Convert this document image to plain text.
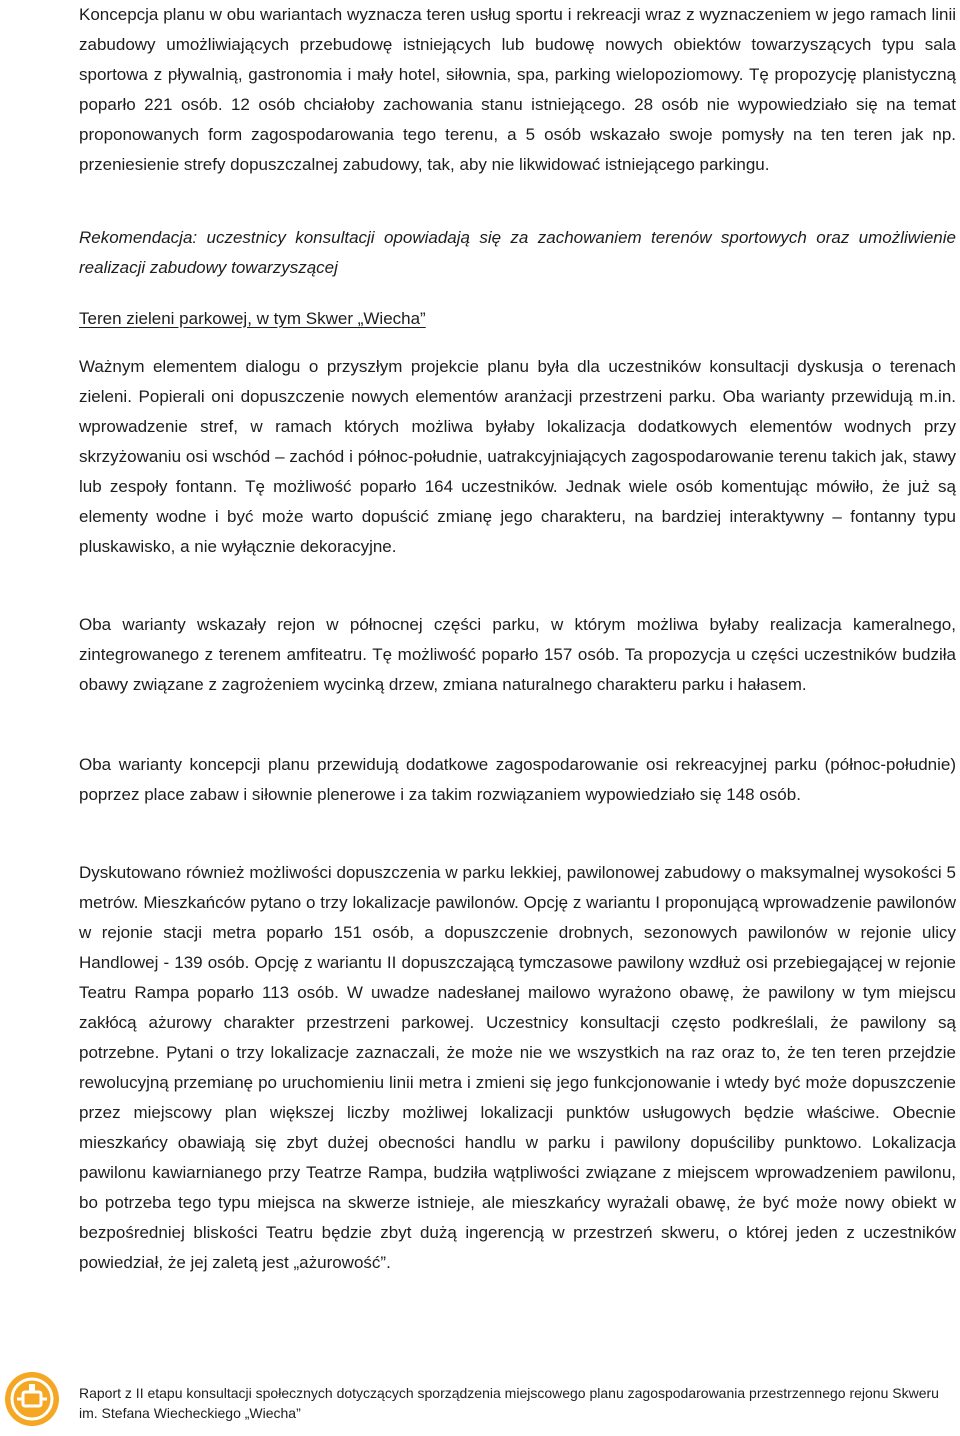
Koncepcja planu w obu wariantach wyznacza teren usług sportu i rekreacji wraz z wyznaczeniem w jego ramach linii zabudowy umożliwiających przebudowę istniejących lub budowę nowych obiektów towarzyszących typu sala sportowa z pływalnią, gastronomia i mały hotel, siłownia, spa, parking wielopoziomowy. Tę propozycję planistyczną poparło 221 osób. 12 osób chciałoby zachowania stanu istniejącego. 28 osób nie wypowiedziało się na temat proponowanych form zagospodarowania tego terenu, a 5 osób wskazało swoje pomysły na ten teren jak np. przeniesienie strefy dopuszczalnej zabudowy, tak, aby nie likwidować istniejącego parkingu.

Rekomendacja: uczestnicy konsultacji opowiadają się za zachowaniem terenów sportowych oraz umożliwienie realizacji zabudowy towarzyszącej

Teren zieleni parkowej, w tym Skwer „Wiecha”

Ważnym elementem dialogu o przyszłym projekcie planu była dla uczestników konsultacji dyskusja o terenach zieleni. Popierali oni dopuszczenie nowych elementów aranżacji przestrzeni parku. Oba warianty przewidują m.in. wprowadzenie stref, w ramach których możliwa byłaby lokalizacja dodatkowych elementów wodnych przy skrzyżowaniu osi wschód – zachód i północ-południe, uatrakcyjniających zagospodarowanie terenu takich jak, stawy lub zespoły fontann. Tę możliwość poparło 164 uczestników. Jednak wiele osób komentując mówiło, że już są elementy wodne i być może warto dopuścić zmianę jego charakteru, na bardziej interaktywny – fontanny typu pluskawisko, a nie wyłącznie dekoracyjne.

Oba warianty wskazały rejon w północnej części parku, w którym możliwa byłaby realizacja kameralnego, zintegrowanego z terenem amfiteatru. Tę możliwość poparło 157 osób. Ta propozycja u części uczestników budziła obawy związane z zagrożeniem wycinką drzew, zmiana naturalnego charakteru parku i hałasem.

Oba warianty koncepcji planu przewidują dodatkowe zagospodarowanie osi rekreacyjnej parku (północ-południe) poprzez place zabaw i siłownie plenerowe i za takim rozwiązaniem wypowiedziało się 148 osób.

Dyskutowano również możliwości dopuszczenia w parku lekkiej, pawilonowej zabudowy o maksymalnej wysokości 5 metrów. Mieszkańców pytano o trzy lokalizacje pawilonów. Opcję z wariantu I proponującą wprowadzenie pawilonów w rejonie stacji metra poparło 151 osób, a dopuszczenie drobnych, sezonowych pawilonów w rejonie ulicy Handlowej - 139 osób. Opcję z wariantu II dopuszczającą tymczasowe pawilony wzdłuż osi przebiegającej w rejonie Teatru Rampa poparło 113 osób. W uwadze nadesłanej mailowo wyrażono obawę, że pawilony w tym miejscu zakłócą ażurowy charakter przestrzeni parkowej. Uczestnicy konsultacji często podkreślali, że pawilony są potrzebne. Pytani o trzy lokalizacje zaznaczali, że może nie we wszystkich na raz oraz to, że ten teren przejdzie rewolucyjną przemianę po uruchomieniu linii metra i zmieni się jego funkcjonowanie i wtedy być może dopuszczenie przez miejscowy plan większej liczby możliwej lokalizacji punktów usługowych będzie właściwe. Obecnie mieszkańcy obawiają się zbyt dużej obecności handlu w parku i pawilony dopuściliby punktowo. Lokalizacja pawilonu kawiarnianego przy Teatrze Rampa, budziła wątpliwości związane z miejscem wprowadzeniem pawilonu, bo potrzeba tego typu miejsca na skwerze istnieje, ale mieszkańcy wyrażali obawę, że być może nowy obiekt w bezpośredniej bliskości Teatru będzie zbyt dużą ingerencją w przestrzeń skweru, o której jeden z uczestników powiedział, że jej zaletą jest „ażurowość”.

Raport z II etapu konsultacji społecznych dotyczących sporządzenia miejscowego planu zagospodarowania przestrzennego rejonu Skweru im. Stefana Wiecheckiego „Wiecha”
